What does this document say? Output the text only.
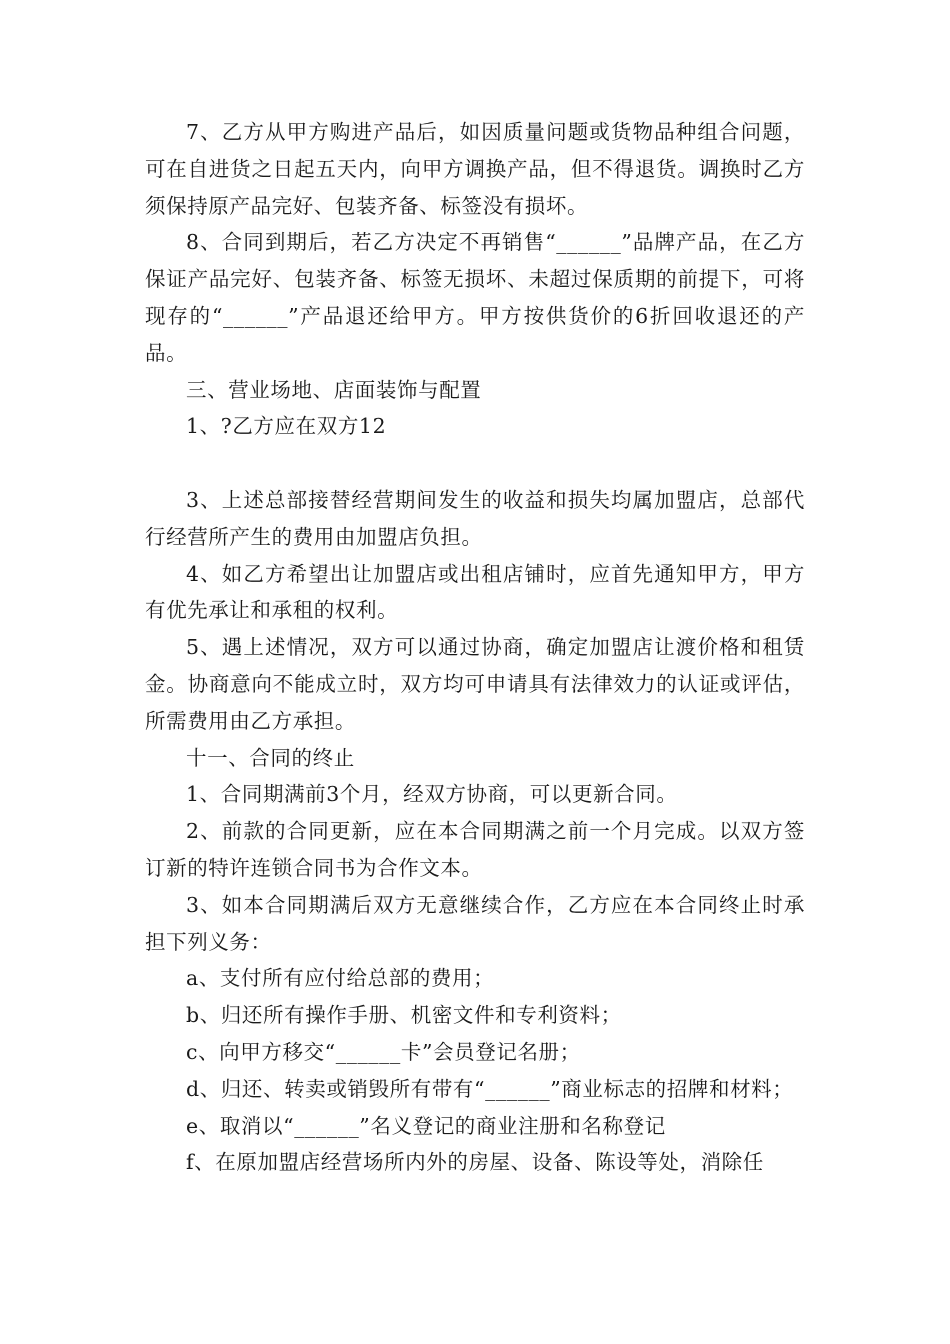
7、乙方从甲方购进产品后，如因质量问题或货物品种组合问题，可在自进货之日起五天内，向甲方调换产品，但不得退货。调换时乙方须保持原产品完好、包装齐备、标签没有损坏。

8、合同到期后，若乙方决定不再销售“______”品牌产品，在乙方保证产品完好、包装齐备、标签无损坏、未超过保质期的前提下，可将现存的“______”产品退还给甲方。甲方按供货价的6折回收退还的产品。

三、营业场地、店面装饰与配置

1、?乙方应在双方12

3、上述总部接替经营期间发生的收益和损失均属加盟店，总部代行经营所产生的费用由加盟店负担。

4、如乙方希望出让加盟店或出租店铺时，应首先通知甲方，甲方有优先承让和承租的权利。

5、遇上述情况，双方可以通过协商，确定加盟店让渡价格和租赁金。协商意向不能成立时，双方均可申请具有法律效力的认证或评估，所需费用由乙方承担。

十一、合同的终止

1、合同期满前3个月，经双方协商，可以更新合同。

2、前款的合同更新，应在本合同期满之前一个月完成。以双方签订新的特许连锁合同书为合作文本。

3、如本合同期满后双方无意继续合作，乙方应在本合同终止时承担下列义务：

a、支付所有应付给总部的费用；

b、归还所有操作手册、机密文件和专利资料；

c、向甲方移交“______卡”会员登记名册；

d、归还、转卖或销毁所有带有“______”商业标志的招牌和材料；

e、取消以“______”名义登记的商业注册和名称登记

f、在原加盟店经营场所内外的房屋、设备、陈设等处，消除任
